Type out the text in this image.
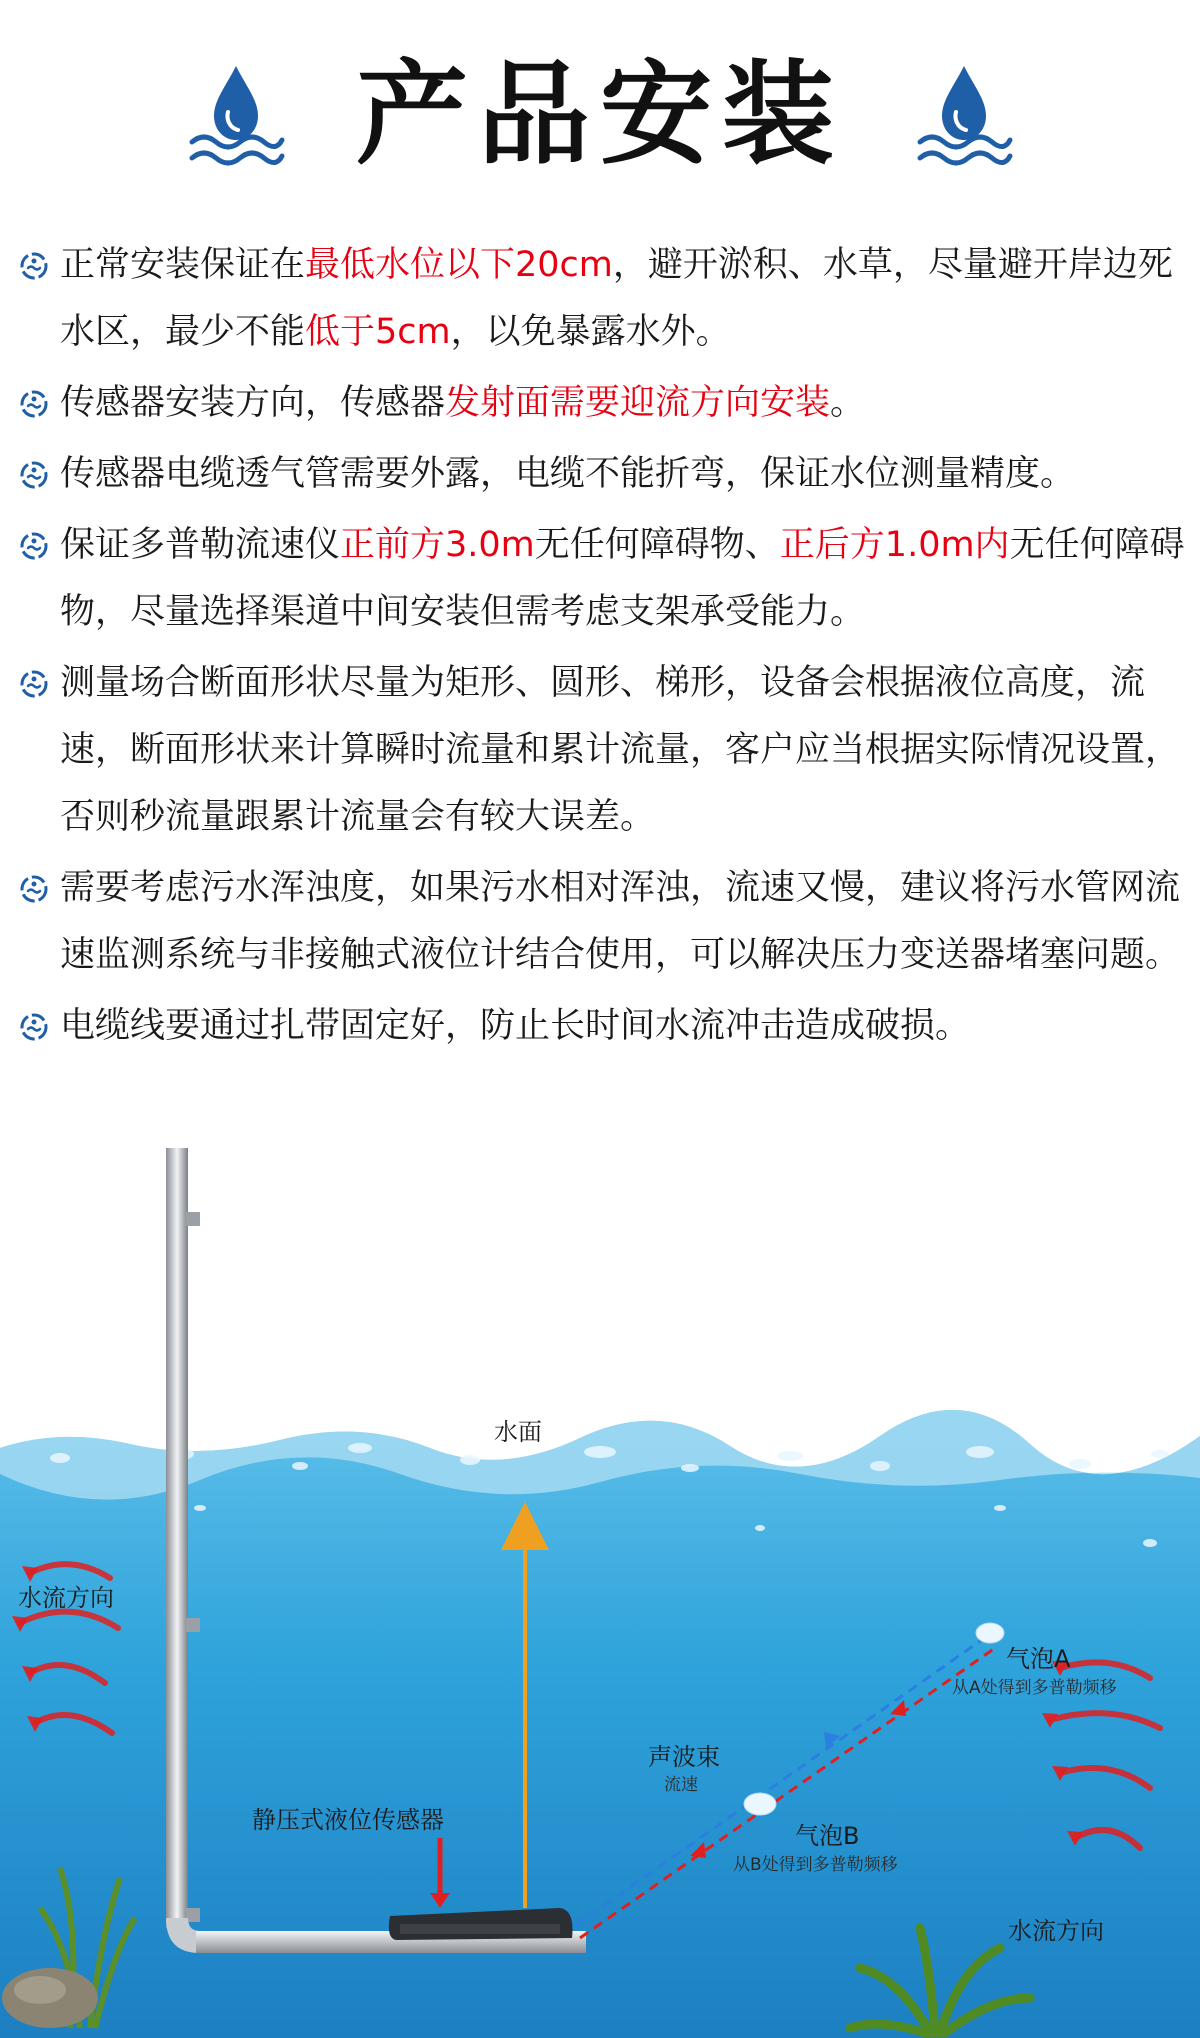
产品安装
正常安装保证在最低水位以下20cm，避开淤积、水草，尽量避开岸边死水区，最少不能低于5cm，以免暴露水外。
传感器安装方向，传感器发射面需要迎流方向安装。
传感器电缆透气管需要外露，电缆不能折弯，保证水位测量精度。
保证多普勒流速仪正前方3.0m无任何障碍物、正后方1.0m内无任何障碍物，尽量选择渠道中间安装但需考虑支架承受能力。
测量场合断面形状尽量为矩形、圆形、梯形，设备会根据液位高度，流速，断面形状来计算瞬时流量和累计流量，客户应当根据实际情况设置，否则秒流量跟累计流量会有较大误差。
需要考虑污水浑浊度，如果污水相对浑浊，流速又慢，建议将污水管网流速监测系统与非接触式液位计结合使用，可以解决压力变送器堵塞问题。
电缆线要通过扎带固定好，防止长时间水流冲击造成破损。
水面
水流方向
水流方向
静压式液位传感器
声波束
流速
气泡A
从A处得到多普勒频移
气泡B
从B处得到多普勒频移
